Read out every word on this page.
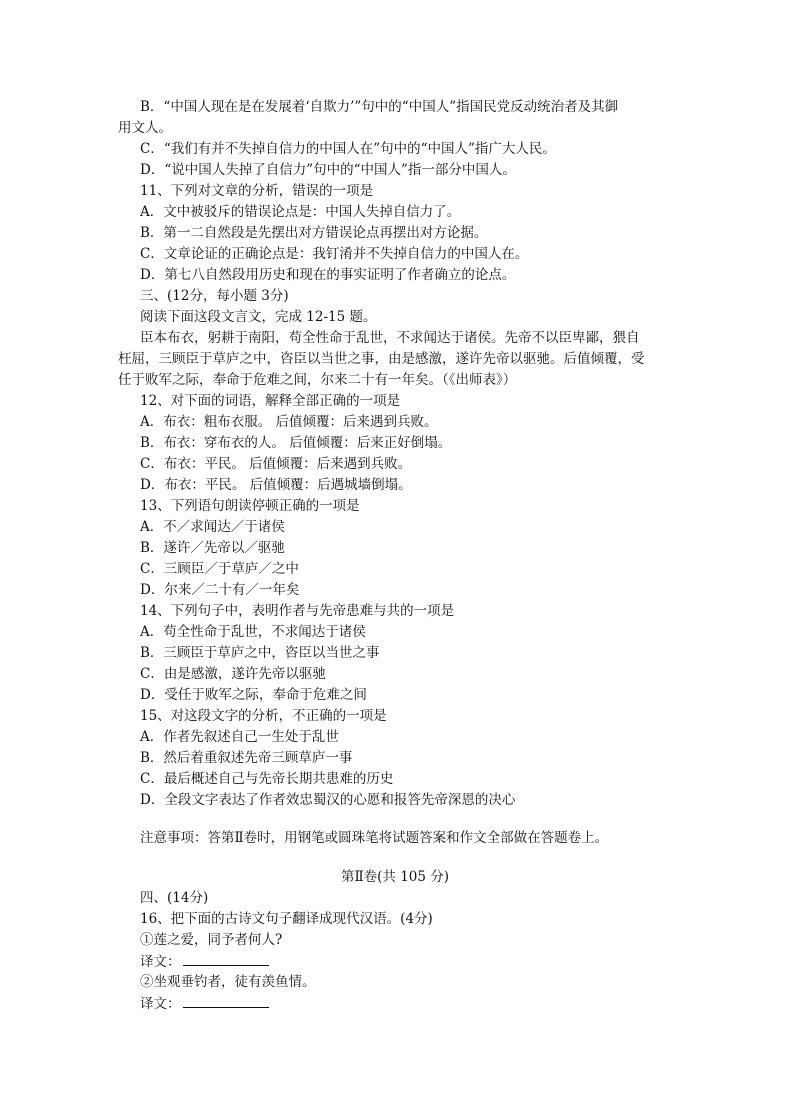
B．“中国人现在是在发展着‘自欺力’”句中的“中国人”指国民党反动统治者及其御
用文人。
C．“我们有并不失掉自信力的中国人在”句中的“中国人”指广大人民。
D．“说中国人失掉了自信力”句中的“中国人”指一部分中国人。
11、下列对文章的分析，错误的一项是
A．文中被驳斥的错误论点是：中国人失掉自信力了。
B．第一二自然段是先摆出对方错误论点再摆出对方论据。
C．文章论证的正确论点是：我钉淆并不失掉自信力的中国人在。
D．第七八自然段用历史和现在的事实证明了作者确立的论点。
三、(12分，每小题 3分)
阅读下面这段文言文，完成 12-15 题。
臣本布衣，躬耕于南阳，苟全性命于乱世，不求闻达于诸侯。先帝不以臣卑鄙，猥自
枉屈，三顾臣于草庐之中，咨臣以当世之事，由是感激，遂许先帝以驱驰。后值倾覆，受
任于败军之际，奉命于危难之间，尔来二十有一年矣。（《出师表》）
12、对下面的词语，解释全部正确的一项是
A．布衣：粗布衣服。 后值倾覆：后来遇到兵败。
B．布衣：穿布衣的人。 后值倾覆：后来正好倒塌。
C．布衣：平民。 后值倾覆：后来遇到兵败。
D．布衣：平民。 后值倾覆：后遇城墙倒塌。
13、下列语句朗读停顿正确的一项是
A．不／求闻达／于诸侯
B．遂许／先帝以／驱驰
C．三顾臣／于草庐／之中
D．尔来／二十有／一年矣
14、下列句子中，表明作者与先帝患难与共的一项是
A．苟全性命于乱世，不求闻达于诸侯
B．三顾臣于草庐之中，咨臣以当世之事
C．由是感激，遂许先帝以驱驰
D．受任于败军之际，奉命于危难之间
15、对这段文字的分析，不正确的一项是
A．作者先叙述自己一生处于乱世
B．然后着重叙述先帝三顾草庐一事
C．最后概述自己与先帝长期共患难的历史
D．全段文字表达了作者效忠蜀汉的心愿和报答先帝深恩的决心
注意事项：答第Ⅱ卷时，用钢笔或圆珠笔将试题答案和作文全部做在答题卷上。
第Ⅱ卷(共 105 分)
四、(14分)
16、把下面的古诗文句子翻译成现代汉语。(4分)
①莲之爱，同予者何人?
译文：
②坐观垂钓者，徒有羡鱼情。
译文：
